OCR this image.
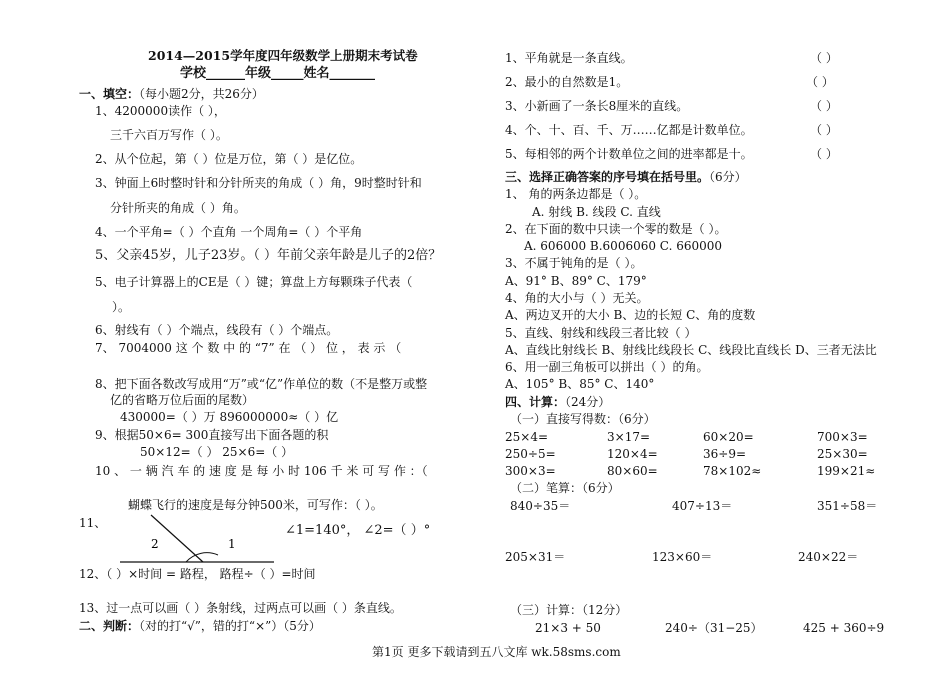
2014—2015学年度四年级数学上册期末考试卷
学校______年级_____姓名_______
一、填空：（每小题2分，共26分）
1、4200000读作（ ），
三千六百万写作（ ）。
2、从个位起，第（ ）位是万位，第（ ）是亿位。
3、钟面上6时整时针和分针所夹的角成（ ）角，9时整时针和
分针所夹的角成（ ）角。
4、一个平角=（ ）个直角 一个周角=（ ）个平角
5、父亲45岁，儿子23岁。（ ）年前父亲年龄是儿子的2倍？
5、电子计算器上的CE是（ ）键；算盘上方每颗珠子代表（
）。
6、射线有（ ）个端点，线段有（ ）个端点。
7、 7004000 这 个 数 中 的 “7” 在 （ ） 位 ， 表 示 （
8、把下面各数改写成用“万”或“亿”作单位的数（不是整万或整
亿的省略万位后面的尾数）
430000=（ ）万 896000000≈（ ）亿
9、根据50×6= 300直接写出下面各题的积
50×12=（ ） 25×6=（ ）
10 、 一 辆 汽 车 的 速 度 是 每 小 时 106 千 米 可 写 作 ：（
蝴蝶飞行的速度是每分钟500米，可写作：（ ）。
11、
2	1
∠1=140°， ∠2=（ ）°
12、（ ）×时间 = 路程， 路程÷（ ）=时间
13、过一点可以画（ ）条射线，过两点可以画（ ）条直线。
二、判断：（对的打“√”，错的打“×”）（5分）
1、平角就是一条直线。	（ ）
2、最小的自然数是1。	（ ）
3、小新画了一条长8厘米的直线。	（ ）
4、个、十、百、千、万……亿都是计数单位。	（ ）
5、每相邻的两个计数单位之间的进率都是十。	（ ）
三、选择正确答案的序号填在括号里。（6分）
1、 角的两条边都是（ ）。
A. 射线 B. 线段 C. 直线
2、在下面的数中只读一个零的数是（ ）。
A. 606000 B.6006060 C. 660000
3、不属于钝角的是（ ）。
A、91° B、89° C、179°
4、角的大小与（ ）无关。
A、两边叉开的大小 B、边的长短 C、角的度数
5、直线、射线和线段三者比较（ ）
A、直线比射线长 B、射线比线段长 C、线段比直线长 D、三者无法比
6、用一副三角板可以拼出（ ）的角。
A、105° B、85° C、140°
四、计算：（24分）
（一）直接写得数：（6分）
25×4=	3×17=	60×20=	700×3=
250÷5=	120×4=	36÷9=	25×30=
300×3=	80×60=	78×102≈	199×21≈
（二）笔算：（6分）
840÷35＝	407÷13＝	351÷58＝
205×31＝	123×60＝	240×22＝
（三）计算：（12分）
21×3 + 50	240÷（31−25）	425 + 360÷9
第1页 更多下载请到五八文库 wk.58sms.com
